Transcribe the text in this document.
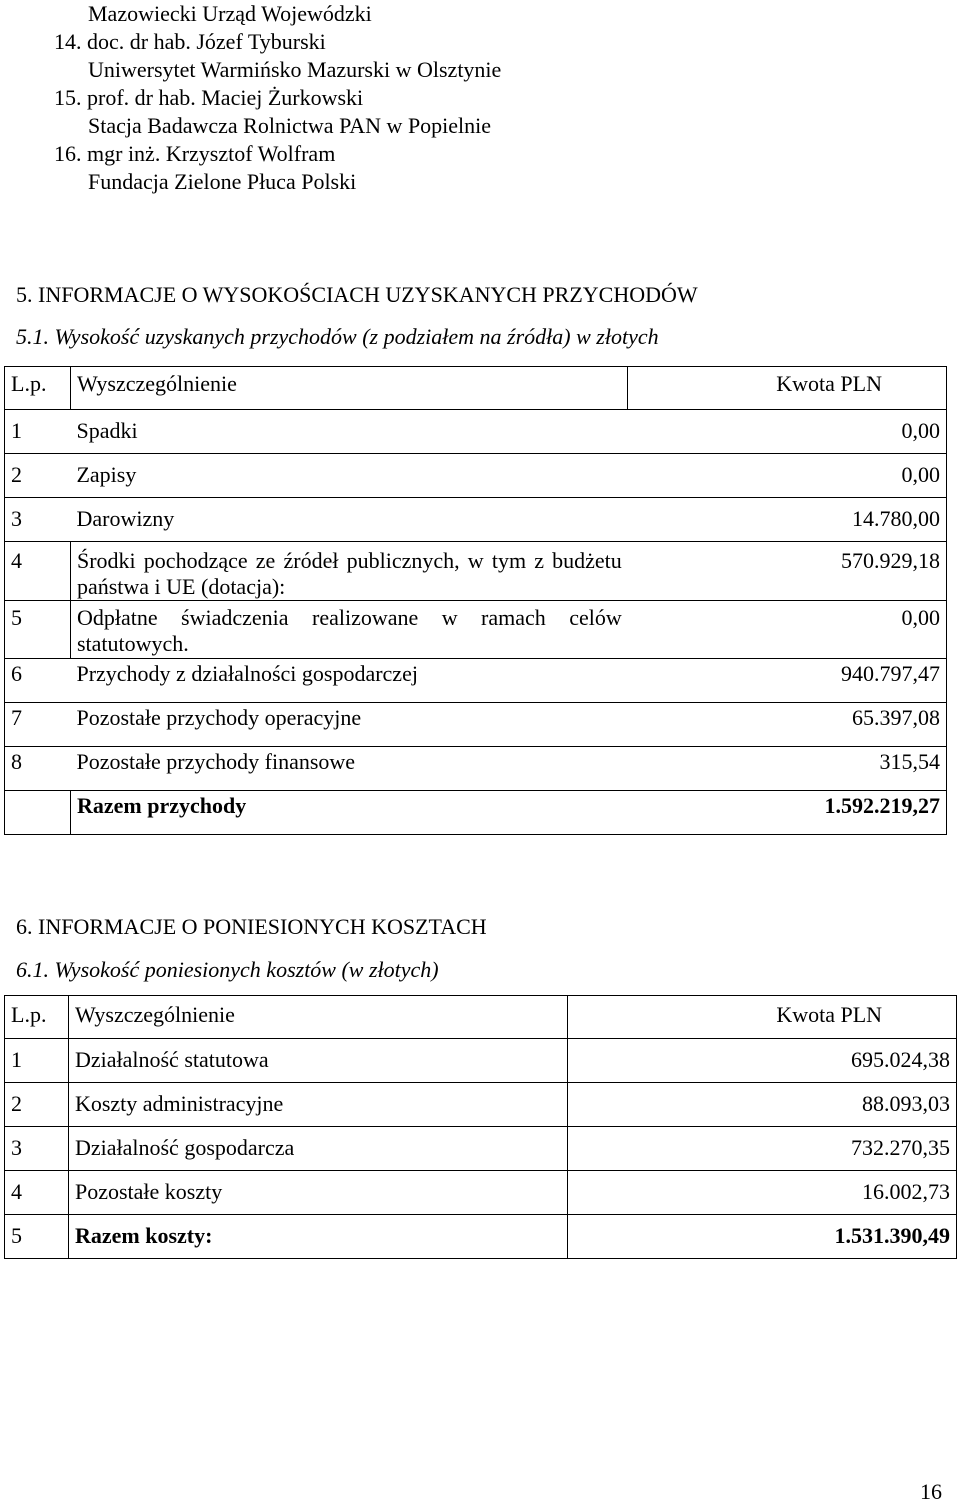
Mazowiecki Urząd Wojewódzki
14. doc. dr hab. Józef Tyburski
Uniwersytet Warmińsko Mazurski w Olsztynie
15. prof. dr hab. Maciej Żurkowski
Stacja Badawcza Rolnictwa PAN w Popielnie
16. mgr inż. Krzysztof Wolfram
Fundacja Zielone Płuca Polski
5. INFORMACJE O WYSOKOŚCIACH UZYSKANYCH PRZYCHODÓW
5.1. Wysokość uzyskanych przychodów (z podziałem na źródła) w złotych
L.p.	Wyszczególnienie	Kwota PLN
1	Spadki	0,00
2	Zapisy	0,00
3	Darowizny	14.780,00
4	Środki pochodzące ze źródeł publicznych, w tym z budżetu państwa i UE (dotacja):	570.929,18
5	Odpłatne świadczenia realizowane w ramach celów statutowych.	0,00
6	Przychody z działalności gospodarczej	940.797,47
7	Pozostałe przychody operacyjne	65.397,08
8	Pozostałe przychody finansowe	315,54
	Razem przychody	1.592.219,27
6. INFORMACJE O PONIESIONYCH KOSZTACH
6.1. Wysokość poniesionych kosztów (w złotych)
L.p.	Wyszczególnienie	Kwota PLN
1	Działalność statutowa	695.024,38
2	Koszty administracyjne	88.093,03
3	Działalność gospodarcza	732.270,35
4	Pozostałe koszty	16.002,73
5	Razem koszty:	1.531.390,49
16
